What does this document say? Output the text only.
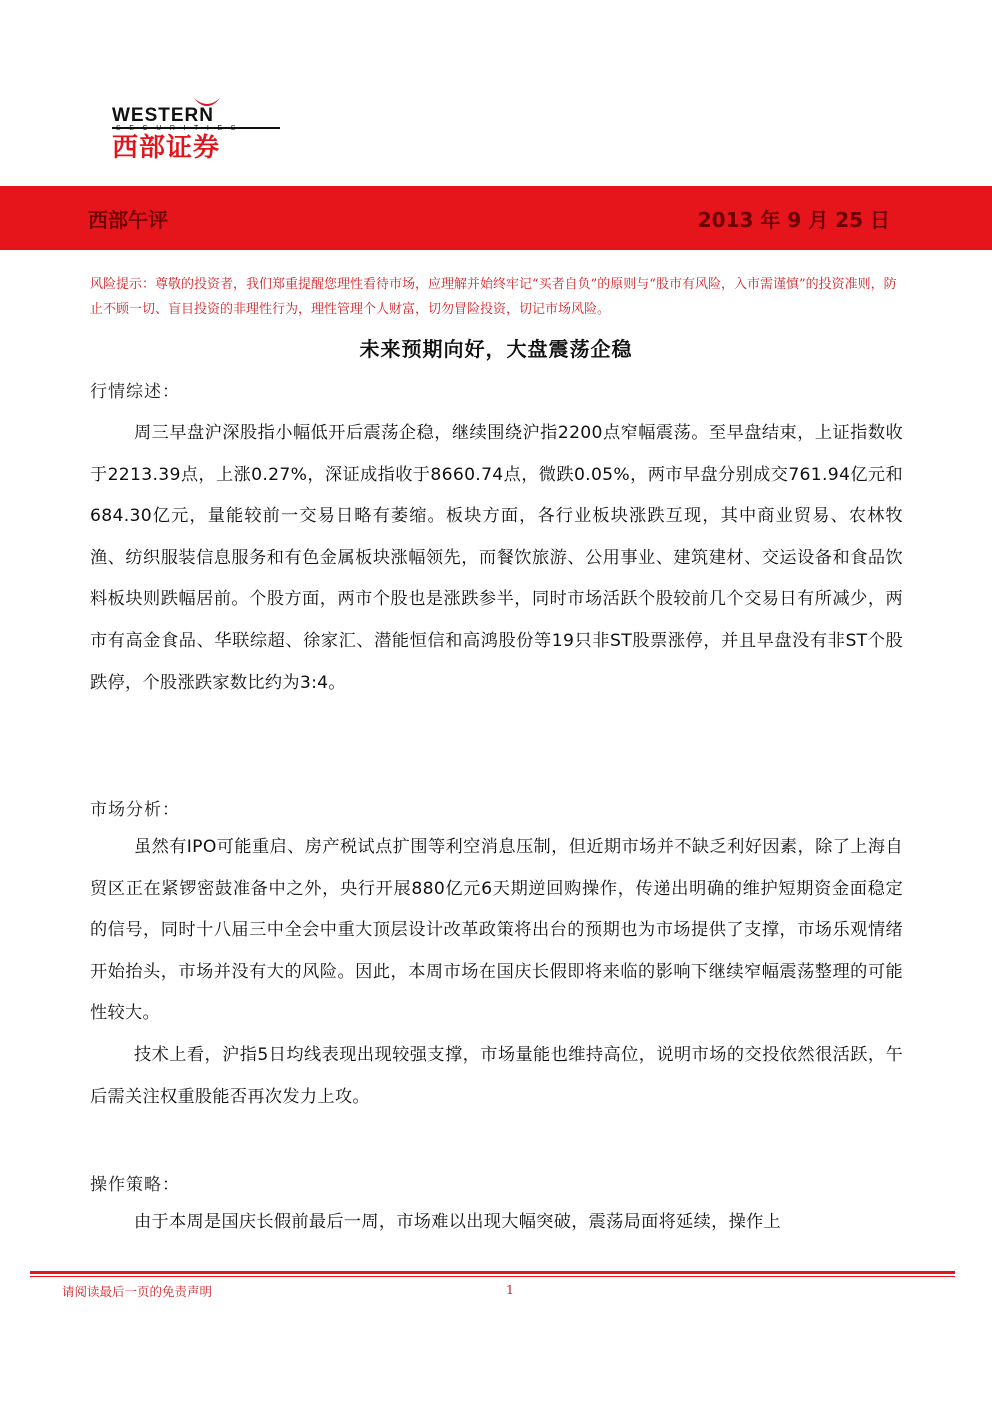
WESTERN
SECURITIES
西部证券
西部午评	2013 年 9 月 25 日
风险提示：尊敬的投资者，我们郑重提醒您理性看待市场，应理解并始终牢记“买者自负”的原则与“股市有风险，入市需谨慎”的投资准则，防止不顾一切、盲目投资的非理性行为，理性管理个人财富，切勿冒险投资，切记市场风险。
未来预期向好，大盘震荡企稳
行情综述：
周三早盘沪深股指小幅低开后震荡企稳，继续围绕沪指2200点窄幅震荡。至早盘结束，上证指数收于2213.39点，上涨0.27%，深证成指收于8660.74点，微跌0.05%，两市早盘分别成交761.94亿元和684.30亿元，量能较前一交易日略有萎缩。板块方面，各行业板块涨跌互现，其中商业贸易、农林牧渔、纺织服装信息服务和有色金属板块涨幅领先，而餐饮旅游、公用事业、建筑建材、交运设备和食品饮料板块则跌幅居前。个股方面，两市个股也是涨跌参半，同时市场活跃个股较前几个交易日有所减少，两市有高金食品、华联综超、徐家汇、潜能恒信和高鸿股份等19只非ST股票涨停，并且早盘没有非ST个股跌停，个股涨跌家数比约为3:4。
市场分析：
虽然有IPO可能重启、房产税试点扩围等利空消息压制，但近期市场并不缺乏利好因素，除了上海自贸区正在紧锣密鼓准备中之外，央行开展880亿元6天期逆回购操作，传递出明确的维护短期资金面稳定的信号，同时十八届三中全会中重大顶层设计改革政策将出台的预期也为市场提供了支撑，市场乐观情绪开始抬头，市场并没有大的风险。因此，本周市场在国庆长假即将来临的影响下继续窄幅震荡整理的可能性较大。
技术上看，沪指5日均线表现出现较强支撑，市场量能也维持高位，说明市场的交投依然很活跃，午后需关注权重股能否再次发力上攻。
操作策略：
由于本周是国庆长假前最后一周，市场难以出现大幅突破，震荡局面将延续，操作上
请阅读最后一页的免责声明	1
